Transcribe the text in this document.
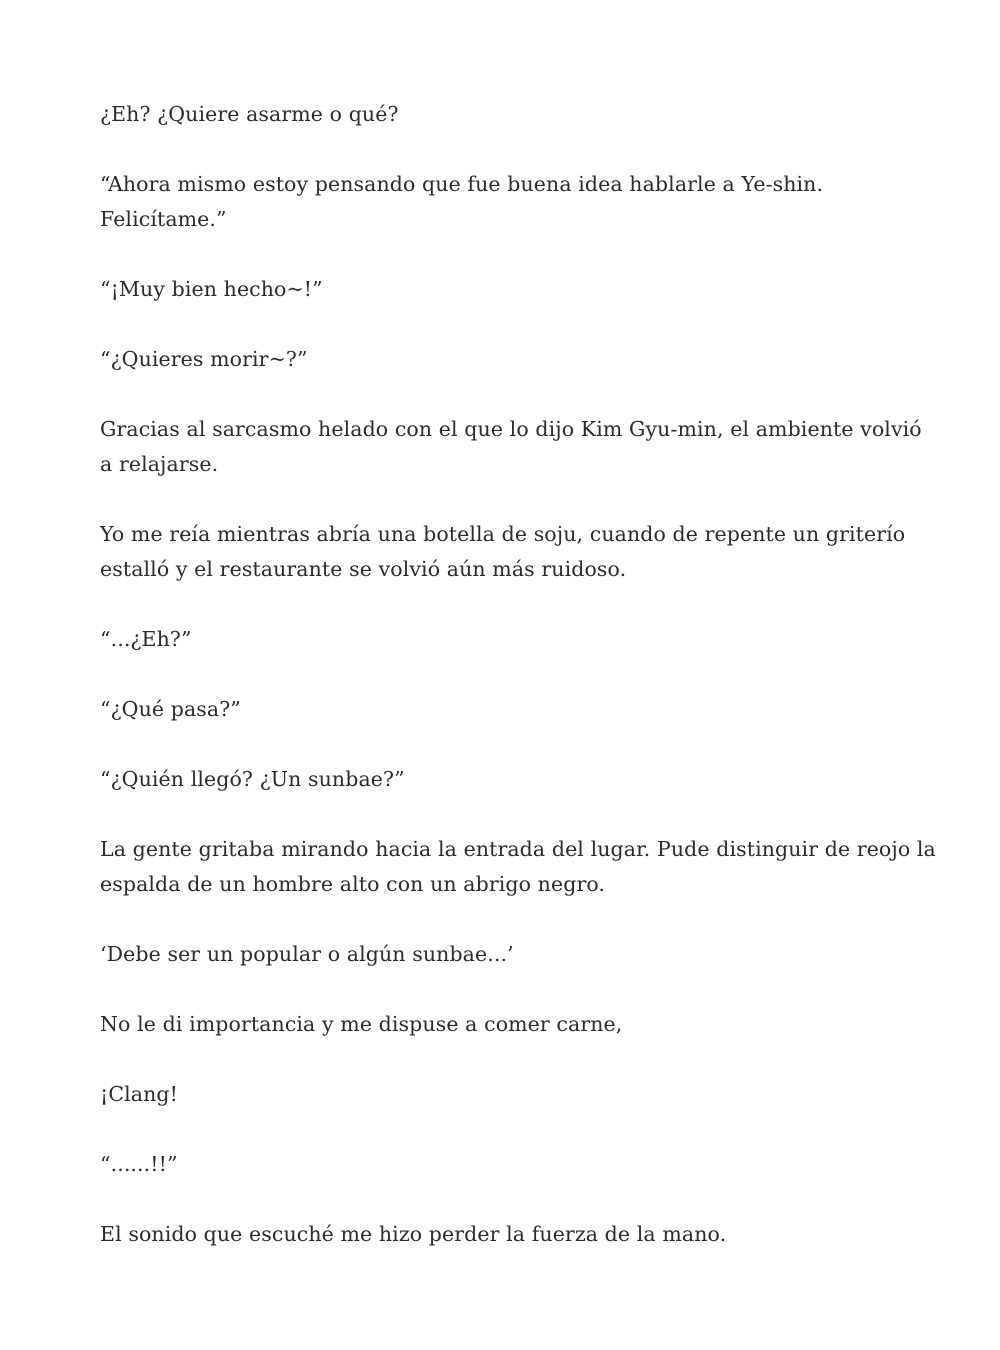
¿Eh? ¿Quiere asarme o qué?

“Ahora mismo estoy pensando que fue buena idea hablarle a Ye-shin.
Felicítame.”

“¡Muy bien hecho~!”

“¿Quieres morir~?”

Gracias al sarcasmo helado con el que lo dijo Kim Gyu-min, el ambiente volvió
a relajarse.

Yo me reía mientras abría una botella de soju, cuando de repente un griterío
estalló y el restaurante se volvió aún más ruidoso.

“...¿Eh?”

“¿Qué pasa?”

“¿Quién llegó? ¿Un sunbae?”

La gente gritaba mirando hacia la entrada del lugar. Pude distinguir de reojo la
espalda de un hombre alto con un abrigo negro.

‘Debe ser un popular o algún sunbae...’

No le di importancia y me dispuse a comer carne,

¡Clang!

“......!!”

El sonido que escuché me hizo perder la fuerza de la mano.
